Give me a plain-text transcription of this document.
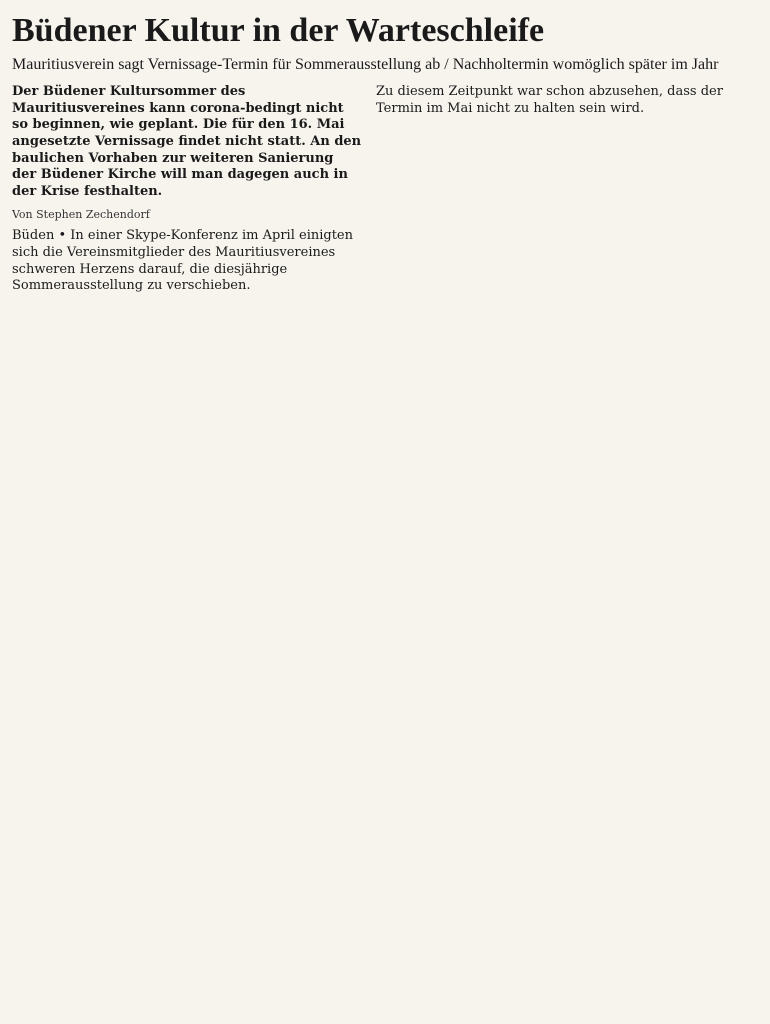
Büdener Kultur in der Warteschleife
Mauritiusverein sagt Vernissage-Termin für Sommerausstellung ab / Nachholtermin womöglich später im Jahr
Der Büdener Kultursommer des Mauritiusvereines kann corona-bedingt nicht so beginnen, wie geplant. Die für den 16. Mai angesetzte Vernissage findet nicht statt. An den baulichen Vorhaben zur weiteren Sanierung der Büdener Kirche will man dagegen auch in der Krise festhalten.
Von Stephen Zechendorf
Büden • In einer Skype-Konferenz im April einigten sich die Vereinsmitglieder des Mauritiusvereines schweren Herzens darauf, die diesjährige Sommerausstellung zu verschieben.
Zu diesem Zeitpunkt war schon abzusehen, dass der Termin im Mai nicht zu halten sein wird.
